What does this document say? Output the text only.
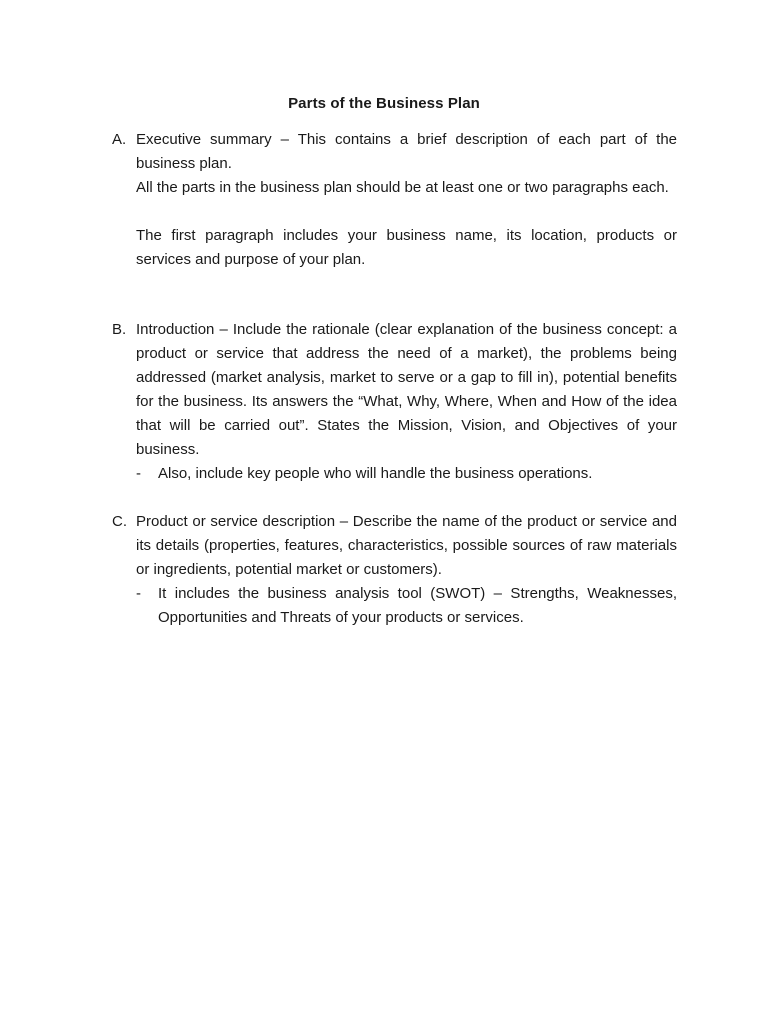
Parts of the Business Plan
A. Executive summary – This contains a brief description of each part of the business plan.

All the parts in the business plan should be at least one or two paragraphs each.

The first paragraph includes your business name, its location, products or services and purpose of your plan.

B. Introduction – Include the rationale (clear explanation of the business concept: a product or service that address the need of a market), the problems being addressed (market analysis, market to serve or a gap to fill in), potential benefits for the business. Its answers the “What, Why, Where, When and How of the idea that will be carried out”. States the Mission, Vision, and Objectives of your business.

- Also, include key people who will handle the business operations.

C. Product or service description – Describe the name of the product or service and its details (properties, features, characteristics, possible sources of raw materials or ingredients, potential market or customers).

- It includes the business analysis tool (SWOT) – Strengths, Weaknesses, Opportunities and Threats of your products or services.
